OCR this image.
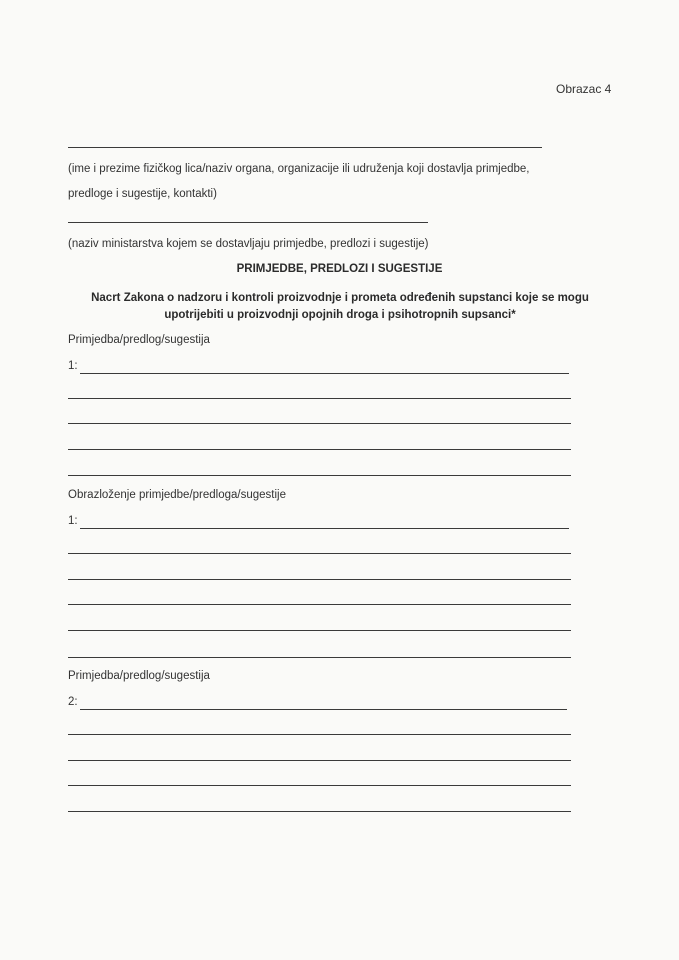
Obrazac 4
(ime i prezime fizičkog lica/naziv organa, organizacije ili udruženja koji dostavlja primjedbe,
predloge i sugestije, kontakti)
(naziv ministarstva kojem se dostavljaju primjedbe, predlozi i sugestije)
PRIMJEDBE, PREDLOZI I SUGESTIJE
Nacrt Zakona o nadzoru i kontroli proizvodnje i prometa određenih supstanci koje se mogu
upotrijebiti u proizvodnji opojnih droga i psihotropnih supsanci*
Primjedba/predlog/sugestija
1:
Obrazloženje primjedbe/predloga/sugestije
1:
Primjedba/predlog/sugestija
2:
